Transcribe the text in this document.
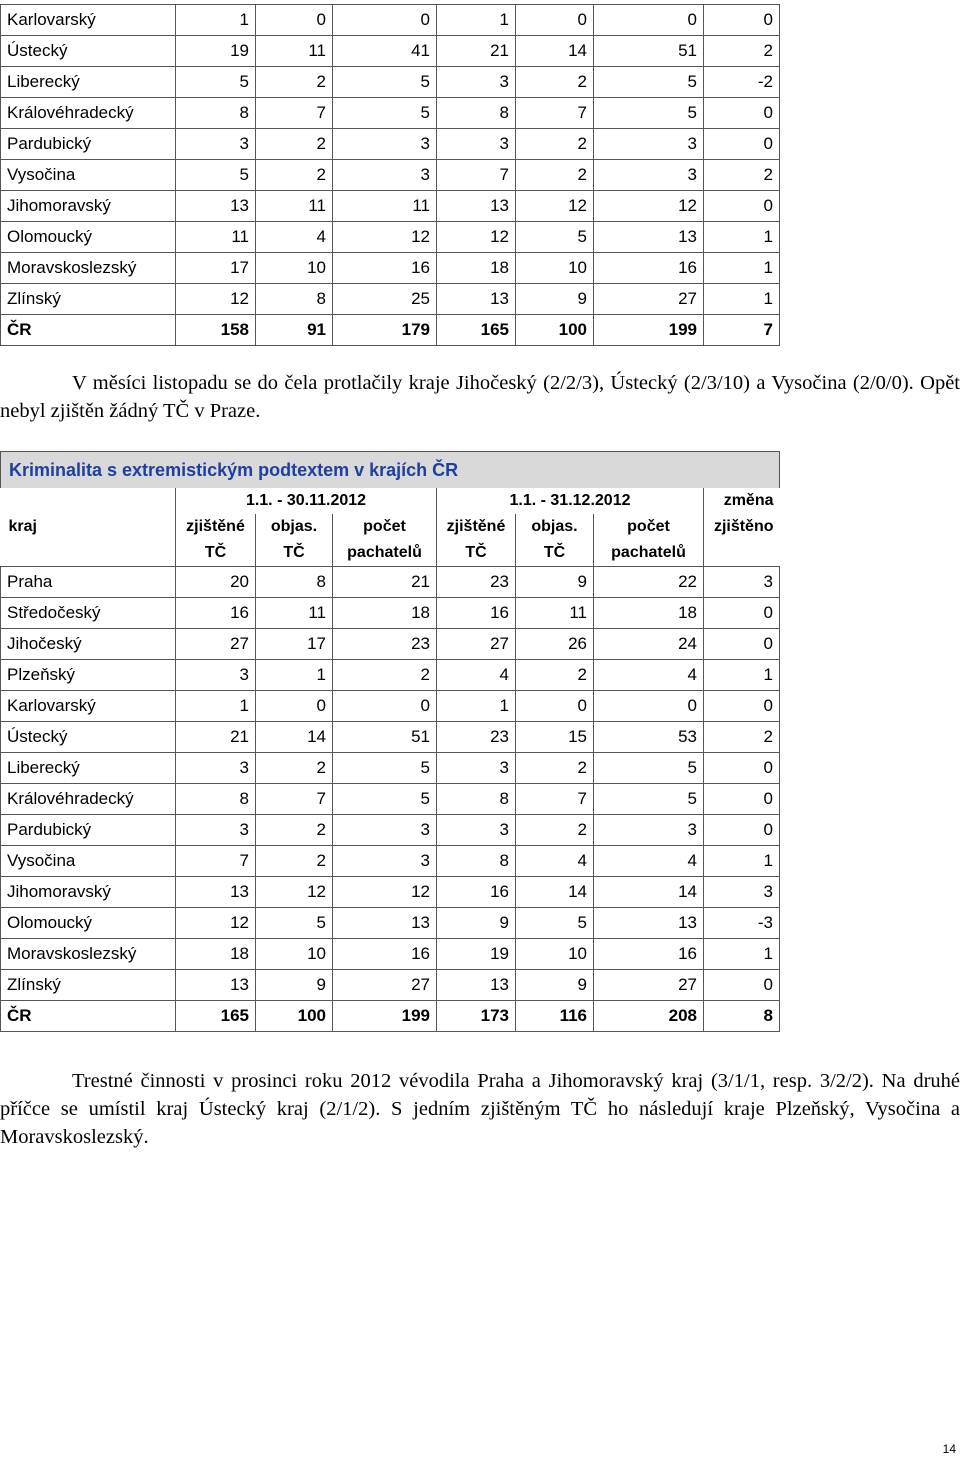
Karlovarský	1	0	0	1	0	0	0
Ústecký	19	11	41	21	14	51	2
Liberecký	5	2	5	3	2	5	-2
Královéhradecký	8	7	5	8	7	5	0
Pardubický	3	2	3	3	2	3	0
Vysočina	5	2	3	7	2	3	2
Jihomoravský	13	11	11	13	12	12	0
Olomoucký	11	4	12	12	5	13	1
Moravskoslezský	17	10	16	18	10	16	1
Zlínský	12	8	25	13	9	27	1
ČR	158	91	179	165	100	199	7

V měsíci listopadu se do čela protlačily kraje Jihočeský (2/2/3), Ústecký (2/3/10) a Vysočina (2/0/0). Opět nebyl zjištěn žádný TČ v Praze.

Kriminalita s extremistickým podtextem v krajích ČR							
	1.1. - 30.11.2012			1.1. - 31.12.2012			změna
kraj	zjištěné	objas.	počet	zjištěné	objas.	počet	zjištěno
	TČ	TČ	pachatelů	TČ	TČ	pachatelů	
Praha	20	8	21	23	9	22	3
Středočeský	16	11	18	16	11	18	0
Jihočeský	27	17	23	27	26	24	0
Plzeňský	3	1	2	4	2	4	1
Karlovarský	1	0	0	1	0	0	0
Ústecký	21	14	51	23	15	53	2
Liberecký	3	2	5	3	2	5	0
Královéhradecký	8	7	5	8	7	5	0
Pardubický	3	2	3	3	2	3	0
Vysočina	7	2	3	8	4	4	1
Jihomoravský	13	12	12	16	14	14	3
Olomoucký	12	5	13	9	5	13	-3
Moravskoslezský	18	10	16	19	10	16	1
Zlínský	13	9	27	13	9	27	0
ČR	165	100	199	173	116	208	8

Trestné činnosti v prosinci roku 2012 vévodila Praha a Jihomoravský kraj (3/1/1, resp. 3/2/2). Na druhé příčce se umístil kraj Ústecký kraj (2/1/2). S jedním zjištěným TČ ho následují kraje Plzeňský, Vysočina a Moravskoslezský.

14
